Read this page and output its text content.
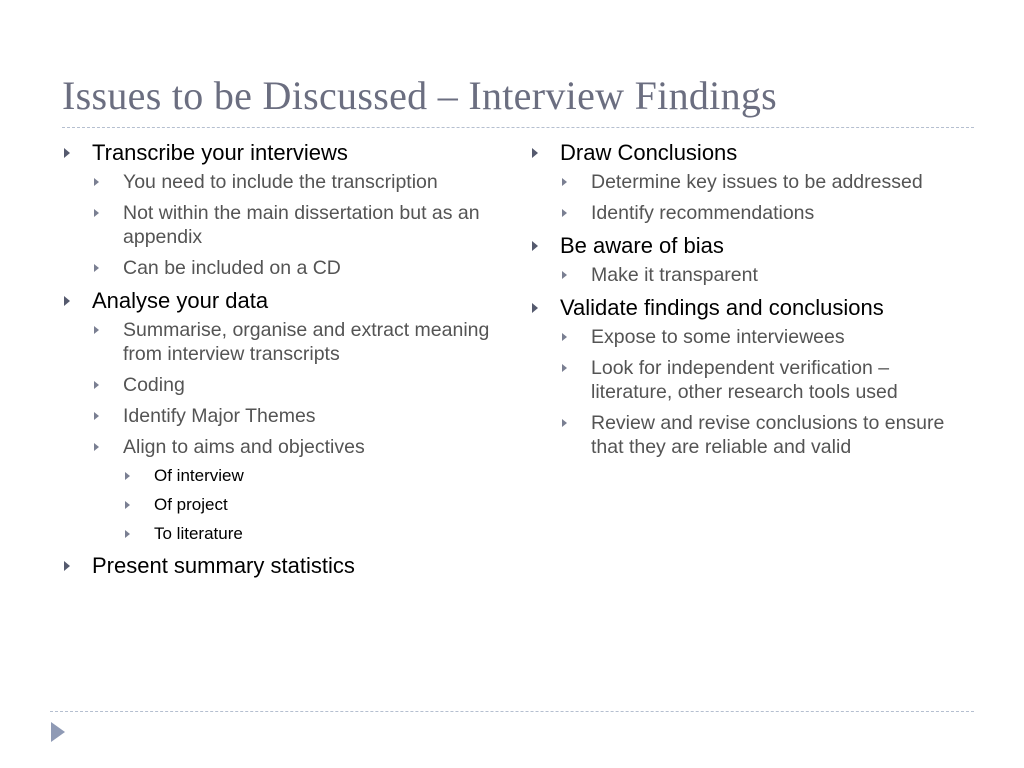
Issues to be Discussed – Interview Findings
Transcribe your interviews
You need to include the transcription
Not within the main dissertation but as an appendix
Can be included on a CD
Analyse your data
Summarise, organise and extract meaning from interview transcripts
Coding
Identify Major Themes
Align to aims and objectives
Of interview
Of project
To literature
Present summary statistics
Draw Conclusions
Determine key issues to be addressed
Identify recommendations
Be aware of bias
Make it transparent
Validate findings and conclusions
Expose to some interviewees
Look for independent verification – literature, other research tools used
Review and revise conclusions to ensure that they are reliable and valid
